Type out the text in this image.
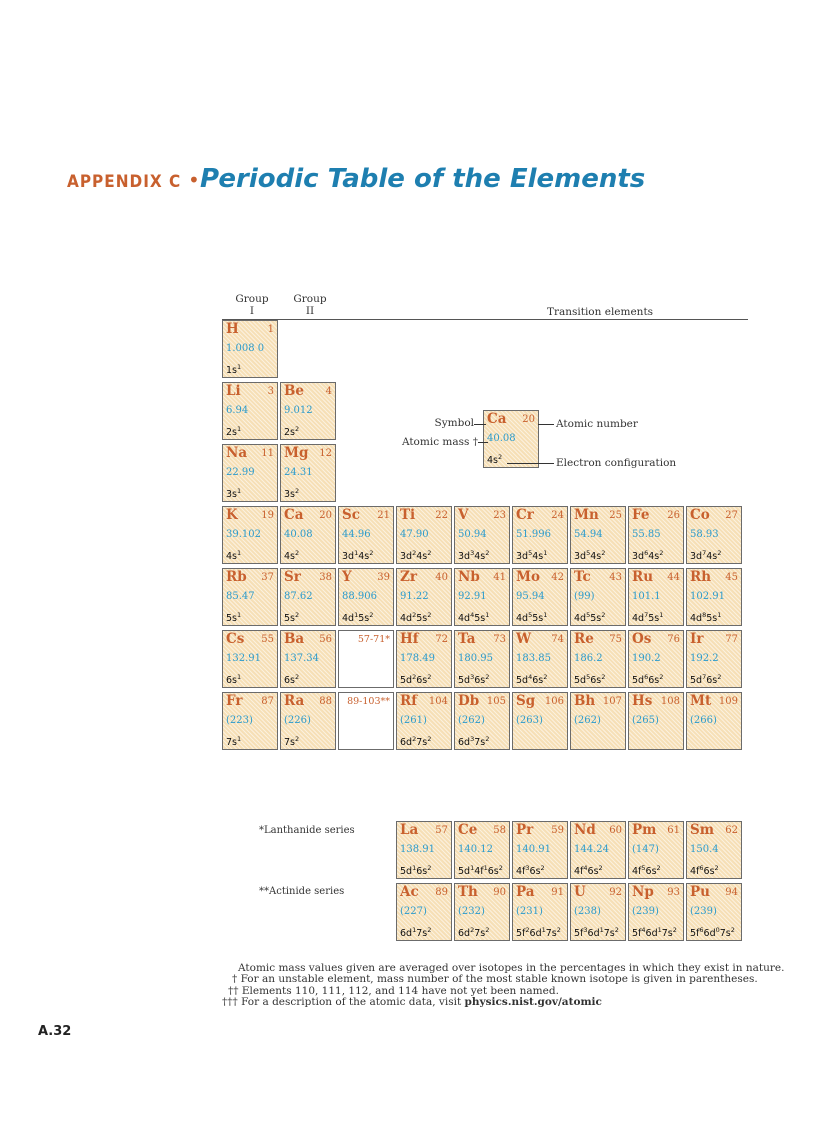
APPENDIX C • Periodic Table of the Elements
Group
I
Group
II	Transition elements
H	1
1.008 0
$1s^1$
Li	3
6.94
$2s^1$
Be 4
9.012
$2s^2$
Na 11
22.99
$3s^1$
Mg 12
24.31
$3s^2$
K 19
39.102
$4s^1$
Ca 20
40.08
$4s^2$
Sc 21
44.96
$3d^14s^2$
Ti 22
47.90
$3d^24s^2$
V 23
50.94
$3d^34s^2$
Cr 24
51.996
$3d^54s^1$
Mn 25
54.94
$3d^54s^2$
Fe 26
55.85
$3d^64s^2$
Co 27
58.93
$3d^74s^2$
Rb 37
85.47
$5s^1$
Sr 38
87.62
$5s^2$
Y	39
88.906
$4d^15s^2$
Zr 40
91.22
$4d^25s^2$
Nb 41
92.91
$4d^45s^1$
Mo 42
95.94
$4d^55s^1$
Tc 43
(99)
$4d^55s^2$
Ru 44
101.1
$4d^75s^1$
Rh 45
102.91
$4d^85s^1$
Cs 55
132.91
$6s^1$
Ba 56
137.34
$6s^2$
Hf 72
178.49
$5d^26s^2$
Ta 73
180.95
$5d^36s^2$
W 74
183.85
$5d^46s^2$
Re 75
186.2
$5d^56s^2$
Os 76
190.2
$5d^66s^2$
Ir 77
192.2
$5d^76s^2$
Fr 87
(223)
$7s^1$
Ra 88
(226)
$7s^2$
Rf 104
(261)
$6d^27s^2$
Db 105
(262)
$6d^37s^2$
Sg 106
(263)
Bh 107
(262)
Hs 108
(265)
Mt 109
(266)
57-71*
89-103**
Ca 20
40.08
$4s^2$
Symbol
Atomic mass †
Atomic number
Electron configuration
*Lanthanide series
**Actinide series
La 57
138.91
$5d^16s^2$
Ce 58
140.12
$5d^14f^16s^2$
Pr 59
140.91
$4f^36s^2$
Nd 60
144.24
$4f^46s^2$
Pm 61
(147)
$4f^56s^2$
Sm 62
150.4
$4f^66s^2$
Ac 89
(227)
$6d^17s^2$
Th 90
(232)
$6d^27s^2$
Pa 91
(231)
$5f^26d^17s^2$
U 92
(238)
$5f^36d^17s^2$
Np 93
(239)
$5f^46d^17s^2$
Pu 94
(239)
$5f^66d^07s^2$
Atomic mass values given are averaged over isotopes in the percentages in which they exist in nature.
† For an unstable element, mass number of the most stable known isotope is given in parentheses.
†† Elements 110, 111, 112, and 114 have not yet been named.
††† For a description of the atomic data, visit physics.nist.gov/atomic
A.32
